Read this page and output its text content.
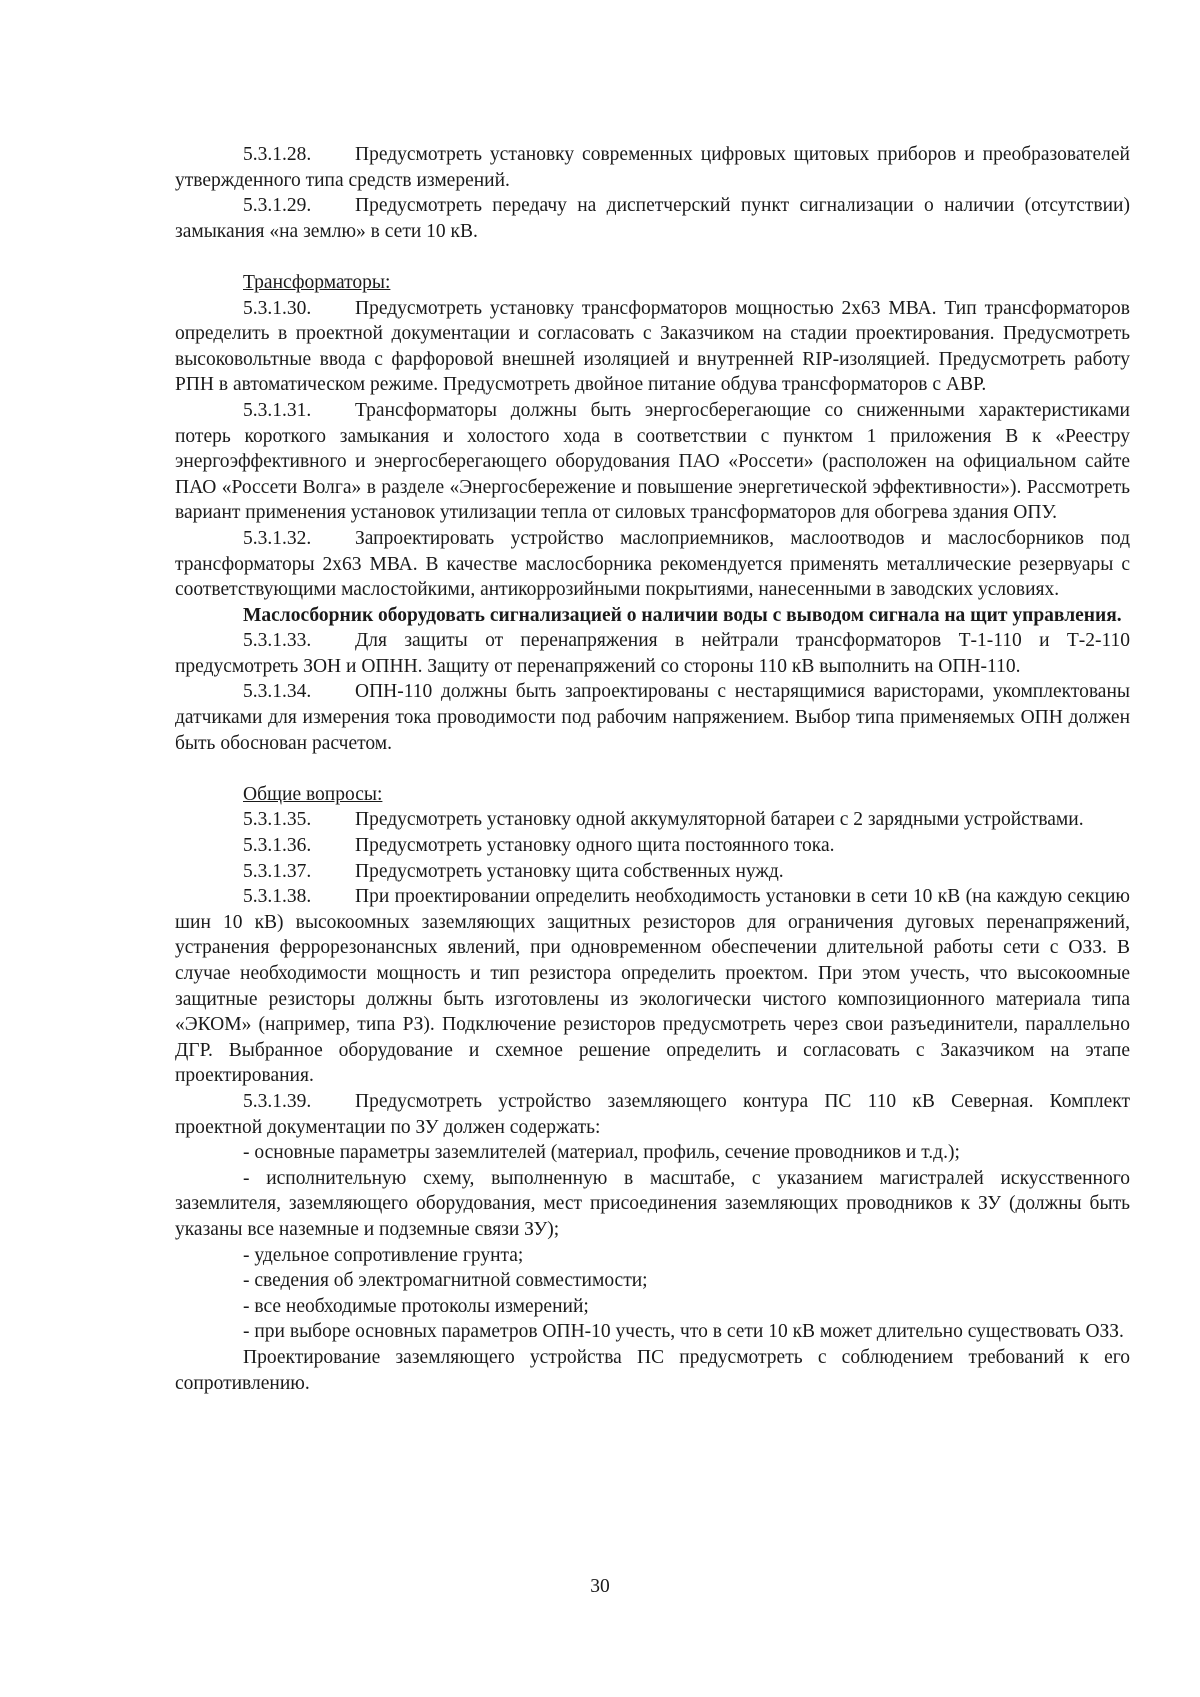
5.3.1.28. Предусмотреть установку современных цифровых щитовых приборов и преобразователей утвержденного типа средств измерений.

5.3.1.29. Предусмотреть передачу на диспетчерский пункт сигнализации о наличии (отсутствии) замыкания «на землю» в сети 10 кВ.

Трансформаторы:

5.3.1.30. Предусмотреть установку трансформаторов мощностью 2х63 МВА. Тип трансформаторов определить в проектной документации и согласовать с Заказчиком на стадии проектирования. Предусмотреть высоковольтные ввода с фарфоровой внешней изоляцией и внутренней RIP-изоляцией. Предусмотреть работу РПН в автоматическом режиме. Предусмотреть двойное питание обдува трансформаторов с АВР.

5.3.1.31. Трансформаторы должны быть энергосберегающие со сниженными характеристиками потерь короткого замыкания и холостого хода в соответствии с пунктом 1 приложения В к «Реестру энергоэффективного и энергосберегающего оборудования ПАО «Россети» (расположен на официальном сайте ПАО «Россети Волга» в разделе «Энергосбережение и повышение энергетической эффективности»). Рассмотреть вариант применения установок утилизации тепла от силовых трансформаторов для обогрева здания ОПУ.

5.3.1.32. Запроектировать устройство маслоприемников, маслоотводов и маслосборников под трансформаторы 2х63 МВА. В качестве маслосборника рекомендуется применять металлические резервуары с соответствующими маслостойкими, антикоррозийными покрытиями, нанесенными в заводских условиях.

Маслосборник оборудовать сигнализацией о наличии воды с выводом сигнала на щит управления.

5.3.1.33. Для защиты от перенапряжения в нейтрали трансформаторов Т-1-110 и Т-2-110 предусмотреть ЗОН и ОПНН. Защиту от перенапряжений со стороны 110 кВ выполнить на ОПН-110.

5.3.1.34. ОПН-110 должны быть запроектированы с нестарящимися варисторами, укомплектованы датчиками для измерения тока проводимости под рабочим напряжением. Выбор типа применяемых ОПН должен быть обоснован расчетом.

Общие вопросы:

5.3.1.35. Предусмотреть установку одной аккумуляторной батареи с 2 зарядными устройствами.

5.3.1.36. Предусмотреть установку одного щита постоянного тока.

5.3.1.37. Предусмотреть установку щита собственных нужд.

5.3.1.38. При проектировании определить необходимость установки в сети 10 кВ (на каждую секцию шин 10 кВ) высокоомных заземляющих защитных резисторов для ограничения дуговых перенапряжений, устранения феррорезонансных явлений, при одновременном обеспечении длительной работы сети с ОЗЗ. В случае необходимости мощность и тип резистора определить проектом. При этом учесть, что высокоомные защитные резисторы должны быть изготовлены из экологически чистого композиционного материала типа «ЭКОМ» (например, типа РЗ). Подключение резисторов предусмотреть через свои разъединители, параллельно ДГР. Выбранное оборудование и схемное решение определить и согласовать с Заказчиком на этапе проектирования.

5.3.1.39. Предусмотреть устройство заземляющего контура ПС 110 кВ Северная. Комплект проектной документации по ЗУ должен содержать:

- основные параметры заземлителей (материал, профиль, сечение проводников и т.д.);

- исполнительную схему, выполненную в масштабе, с указанием магистралей искусственного заземлителя, заземляющего оборудования, мест присоединения заземляющих проводников к ЗУ (должны быть указаны все наземные и подземные связи ЗУ);

- удельное сопротивление грунта;

- сведения об электромагнитной совместимости;

- все необходимые протоколы измерений;

- при выборе основных параметров ОПН-10 учесть, что в сети 10 кВ может длительно существовать ОЗЗ.

Проектирование заземляющего устройства ПС предусмотреть с соблюдением требований к его сопротивлению.

30
